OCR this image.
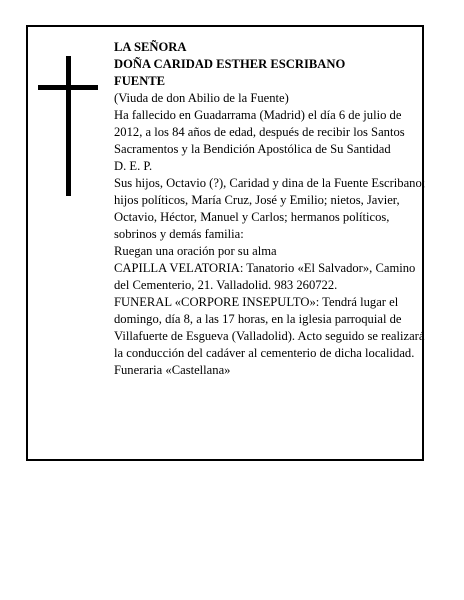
LA SEÑORA
DOÑA CARIDAD ESTHER ESCRIBANO
FUENTE
(Viuda de don Abilio de la Fuente)
Ha fallecido en Guadarrama (Madrid) el día 6 de julio de 2012, a los 84 años de edad, después de recibir los Santos Sacramentos y la Bendición Apostólica de Su Santidad
D. E. P.
Sus hijos, Octavio (?), Caridad y dina de la Fuente Escribano; hijos políticos, María Cruz, José y Emilio; nietos, Javier, Octavio, Héctor, Manuel y Carlos; hermanos políticos, sobrinos y demás familia:
Ruegan una oración por su alma
CAPILLA VELATORIA: Tanatorio «El Salvador», Camino del Cementerio, 21. Valladolid. 983 260722.
FUNERAL «CORPORE INSEPULTO»: Tendrá lugar el domingo, día 8, a las 17 horas, en la iglesia parroquial de Villafuerte de Esgueva (Valladolid). Acto seguido se realizará la conducción del cadáver al cementerio de dicha localidad.
Funeraria «Castellana»
